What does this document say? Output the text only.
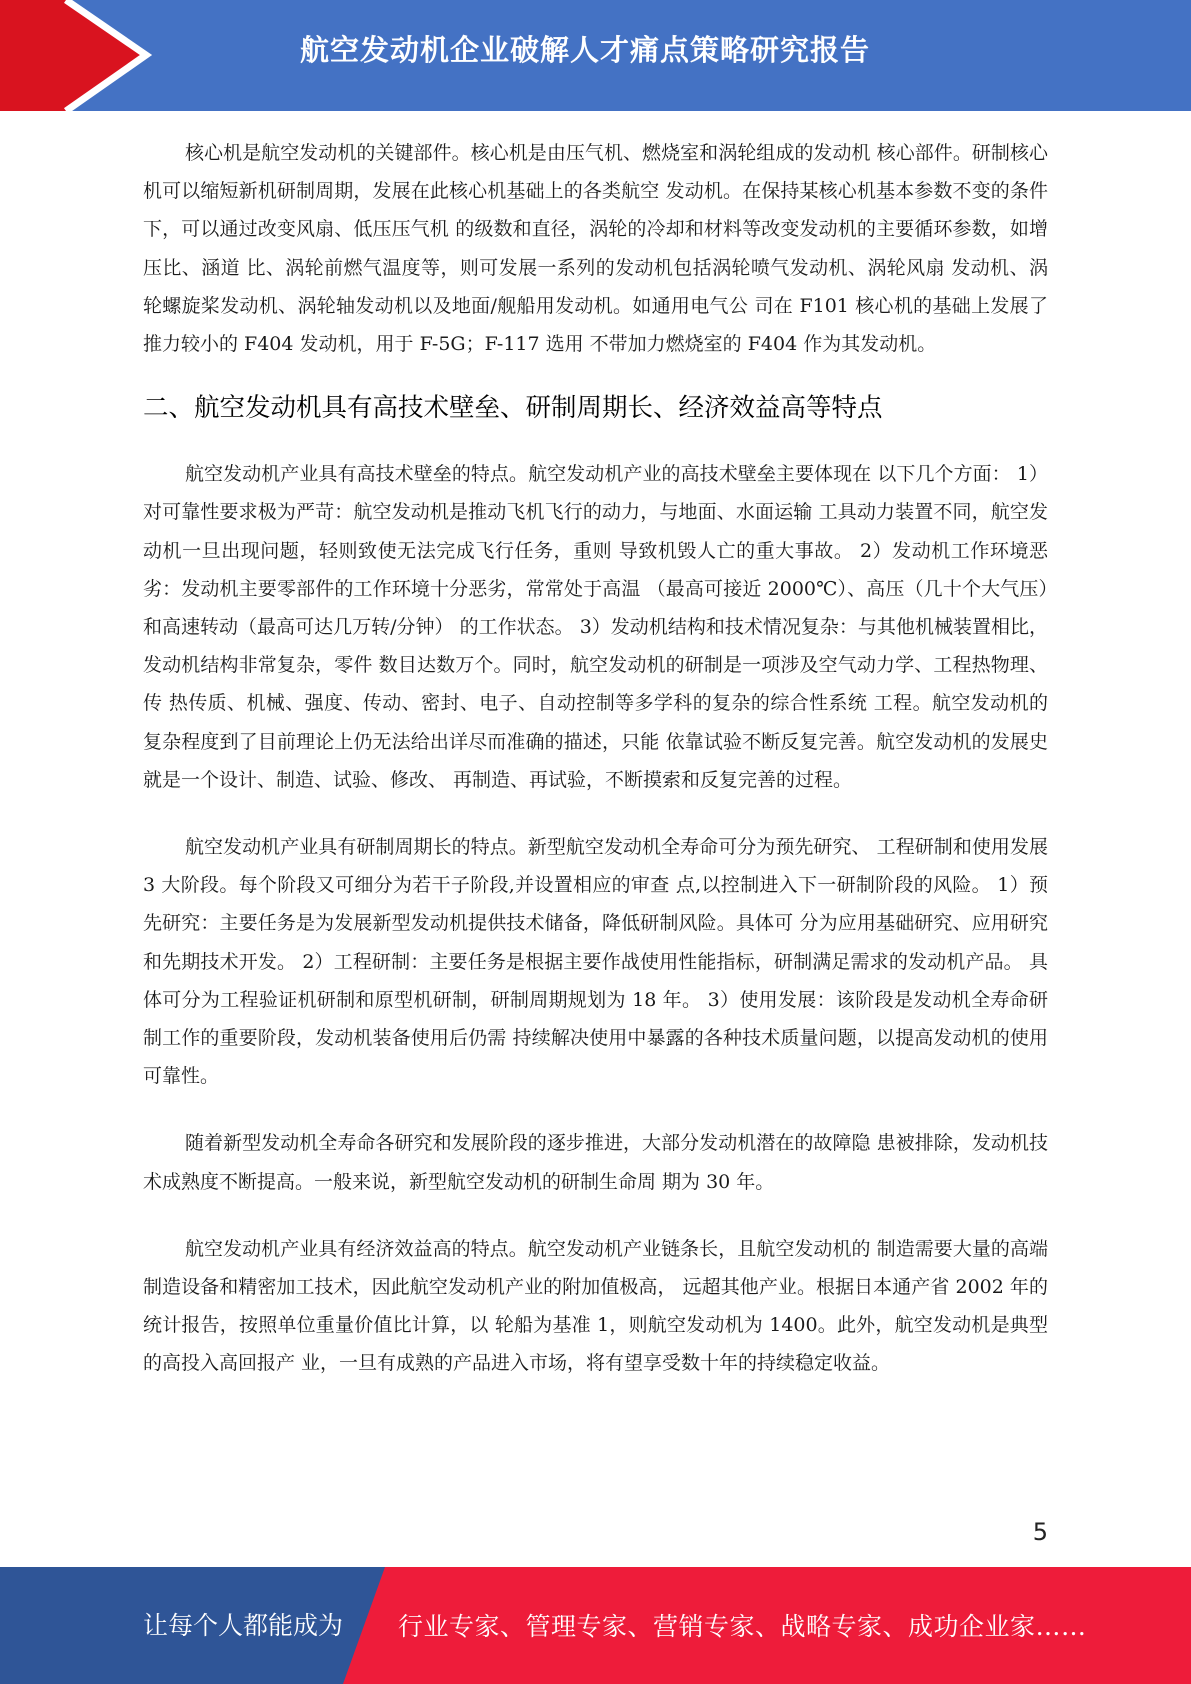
航空发动机企业破解人才痛点策略研究报告

核心机是航空发动机的关键部件。核心机是由压气机、燃烧室和涡轮组成的发动机 核心部件。研制核心机可以缩短新机研制周期，发展在此核心机基础上的各类航空 发动机。在保持某核心机基本参数不变的条件下，可以通过改变风扇、低压压气机 的级数和直径，涡轮的冷却和材料等改变发动机的主要循环参数，如增压比、涵道 比、涡轮前燃气温度等，则可发展一系列的发动机包括涡轮喷气发动机、涡轮风扇 发动机、涡轮螺旋桨发动机、涡轮轴发动机以及地面/舰船用发动机。如通用电气公 司在 F101 核心机的基础上发展了推力较小的 F404 发动机，用于 F-5G；F-117 选用 不带加力燃烧室的 F404 作为其发动机。

二、航空发动机具有高技术壁垒、研制周期长、经济效益高等特点

航空发动机产业具有高技术壁垒的特点。航空发动机产业的高技术壁垒主要体现在 以下几个方面： 1）对可靠性要求极为严苛：航空发动机是推动飞机飞行的动力，与地面、水面运输 工具动力装置不同，航空发动机一旦出现问题，轻则致使无法完成飞行任务，重则 导致机毁人亡的重大事故。 2）发动机工作环境恶劣：发动机主要零部件的工作环境十分恶劣，常常处于高温 （最高可接近 2000℃）、高压（几十个大气压）和高速转动（最高可达几万转/分钟） 的工作状态。 3）发动机结构和技术情况复杂：与其他机械装置相比，发动机结构非常复杂，零件 数目达数万个。同时，航空发动机的研制是一项涉及空气动力学、工程热物理、传 热传质、机械、强度、传动、密封、电子、自动控制等多学科的复杂的综合性系统 工程。航空发动机的复杂程度到了目前理论上仍无法给出详尽而准确的描述，只能 依靠试验不断反复完善。航空发动机的发展史就是一个设计、制造、试验、修改、 再制造、再试验，不断摸索和反复完善的过程。

航空发动机产业具有研制周期长的特点。新型航空发动机全寿命可分为预先研究、 工程研制和使用发展 3 大阶段。每个阶段又可细分为若干子阶段,并设置相应的审查 点,以控制进入下一研制阶段的风险。 1）预先研究：主要任务是为发展新型发动机提供技术储备，降低研制风险。具体可 分为应用基础研究、应用研究和先期技术开发。 2）工程研制：主要任务是根据主要作战使用性能指标，研制满足需求的发动机产品。 具体可分为工程验证机研制和原型机研制，研制周期规划为 18 年。 3）使用发展：该阶段是发动机全寿命研制工作的重要阶段，发动机装备使用后仍需 持续解决使用中暴露的各种技术质量问题，以提高发动机的使用可靠性。

随着新型发动机全寿命各研究和发展阶段的逐步推进，大部分发动机潜在的故障隐 患被排除，发动机技术成熟度不断提高。一般来说，新型航空发动机的研制生命周 期为 30 年。

航空发动机产业具有经济效益高的特点。航空发动机产业链条长，且航空发动机的 制造需要大量的高端制造设备和精密加工技术，因此航空发动机产业的附加值极高， 远超其他产业。根据日本通产省 2002 年的统计报告，按照单位重量价值比计算，以 轮船为基准 1，则航空发动机为 1400。此外，航空发动机是典型的高投入高回报产 业，一旦有成熟的产品进入市场，将有望享受数十年的持续稳定收益。

5
让每个人都能成为 行业专家、管理专家、营销专家、战略专家、成功企业家……
